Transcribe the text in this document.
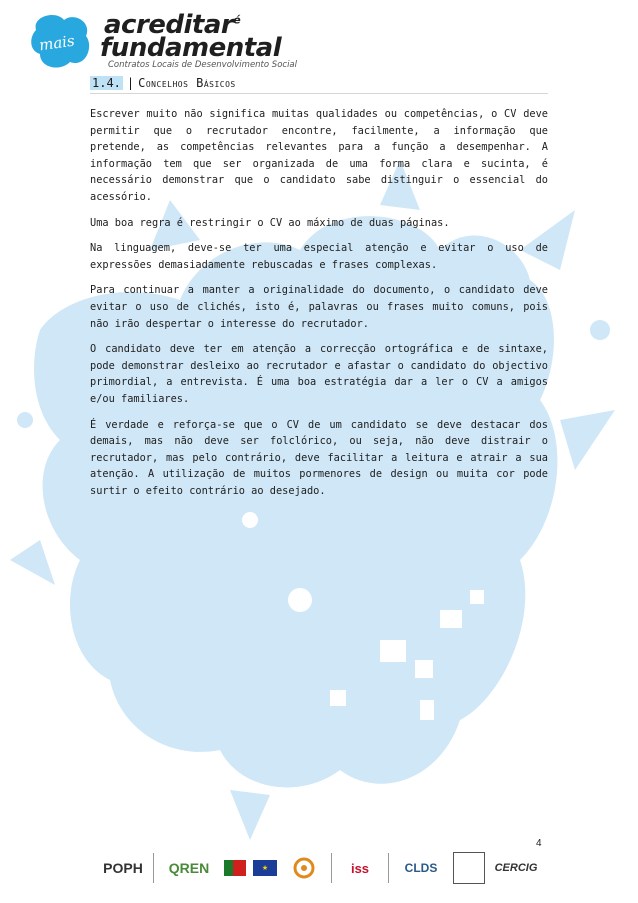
mais
acreditar$^é$
fundamental
Contratos Locais de Desenvolvimento Social
1.4. | Concelhos Básicos

Escrever muito não significa muitas qualidades ou competências, o CV deve permitir que o recrutador encontre, facilmente, a informação que pretende, as competências relevantes para a função a desempenhar. A informação tem que ser organizada de uma forma clara e sucinta, é necessário demonstrar que o candidato sabe distinguir o essencial do acessório.

Uma boa regra é restringir o CV ao máximo de duas páginas.

Na linguagem, deve-se ter uma especial atenção e evitar o uso de expressões demasiadamente rebuscadas e frases complexas.

Para continuar a manter a originalidade do documento, o candidato deve evitar o uso de clichés, isto é, palavras ou frases muito comuns, pois não irão despertar o interesse do recrutador.

O candidato deve ter em atenção a correcção ortográfica e de sintaxe, pode demonstrar desleixo ao recrutador e afastar o candidato do objectivo primordial, a entrevista. É uma boa estratégia dar a ler o CV a amigos e/ou familiares.

É verdade e reforça-se que o CV de um candidato se deve destacar dos demais, mas não deve ser folclórico, ou seja, não deve distrair o recrutador, mas pelo contrário, deve facilitar a leitura e atrair a sua atenção. A utilização de muitos pormenores de design ou muita cor pode surtir o efeito contrário ao desejado.

4
POPH	QREN	★	iss	CLDS	CERCIG
